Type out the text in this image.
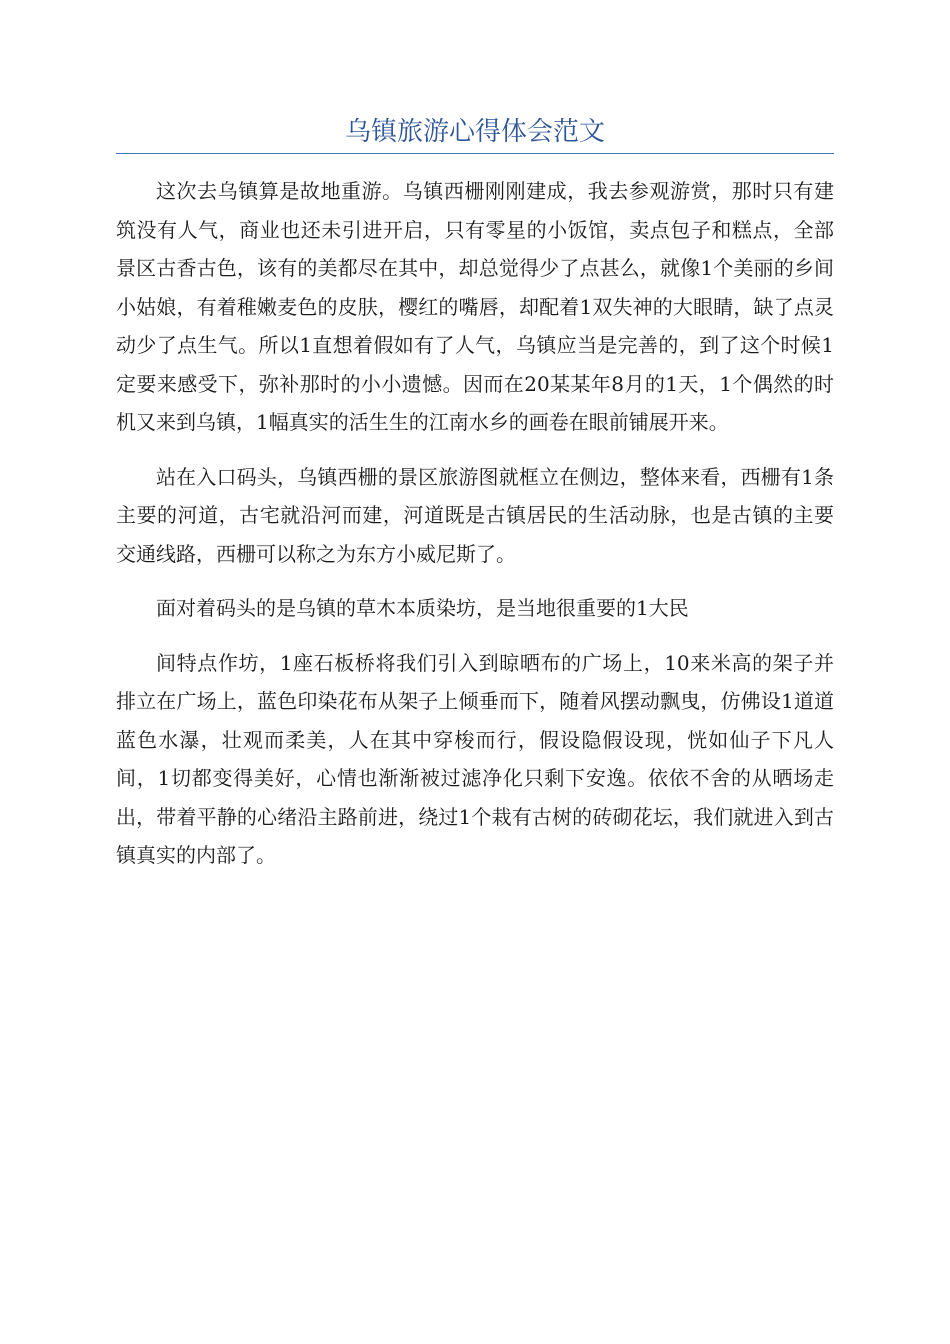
乌镇旅游心得体会范文

这次去乌镇算是故地重游。乌镇西栅刚刚建成，我去参观游赏，那时只有建筑没有人气，商业也还未引进开启，只有零星的小饭馆，卖点包子和糕点，全部景区古香古色，该有的美都尽在其中，却总觉得少了点甚么，就像1个美丽的乡间小姑娘，有着稚嫩麦色的皮肤，樱红的嘴唇，却配着1双失神的大眼睛，缺了点灵动少了点生气。所以1直想着假如有了人气，乌镇应当是完善的，到了这个时候1定要来感受下，弥补那时的小小遗憾。因而在20某某年8月的1天，1个偶然的时机又来到乌镇，1幅真实的活生生的江南水乡的画卷在眼前铺展开来。

站在入口码头，乌镇西栅的景区旅游图就框立在侧边，整体来看，西栅有1条主要的河道，古宅就沿河而建，河道既是古镇居民的生活动脉，也是古镇的主要交通线路，西栅可以称之为东方小威尼斯了。

面对着码头的是乌镇的草木本质染坊，是当地很重要的1大民

间特点作坊，1座石板桥将我们引入到晾晒布的广场上，10来米高的架子并排立在广场上，蓝色印染花布从架子上倾垂而下，随着风摆动飘曳，仿佛设1道道蓝色水瀑，壮观而柔美，人在其中穿梭而行，假设隐假设现，恍如仙子下凡人间，1切都变得美好，心情也渐渐被过滤净化只剩下安逸。依依不舍的从晒场走出，带着平静的心绪沿主路前进，绕过1个栽有古树的砖砌花坛，我们就进入到古镇真实的内部了。
